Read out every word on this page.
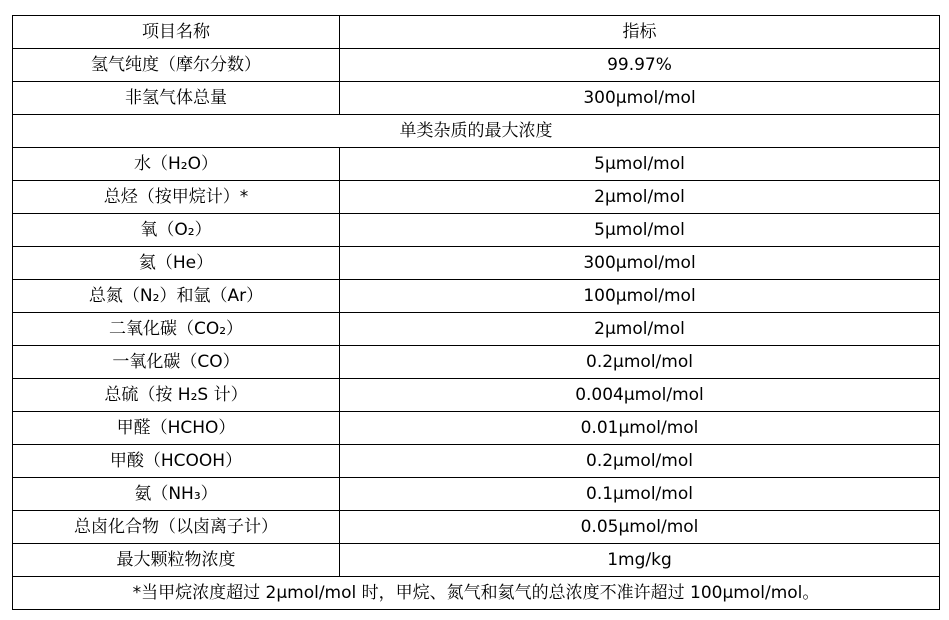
项目名称	指标
氢气纯度（摩尔分数）	99.97%
非氢气体总量	300μmol/mol
单类杂质的最大浓度	
水（H₂O）	5μmol/mol
总烃（按甲烷计）*	2μmol/mol
氧（O₂）	5μmol/mol
氦（He）	300μmol/mol
总氮（N₂）和氩（Ar）	100μmol/mol
二氧化碳（CO₂）	2μmol/mol
一氧化碳（CO）	0.2μmol/mol
总硫（按 H₂S 计）	0.004μmol/mol
甲醛（HCHO）	0.01μmol/mol
甲酸（HCOOH）	0.2μmol/mol
氨（NH₃）	0.1μmol/mol
总卤化合物（以卤离子计）	0.05μmol/mol
最大颗粒物浓度	1mg/kg
*当甲烷浓度超过 2μmol/mol 时，甲烷、氮气和氦气的总浓度不准许超过 100μmol/mol。	
